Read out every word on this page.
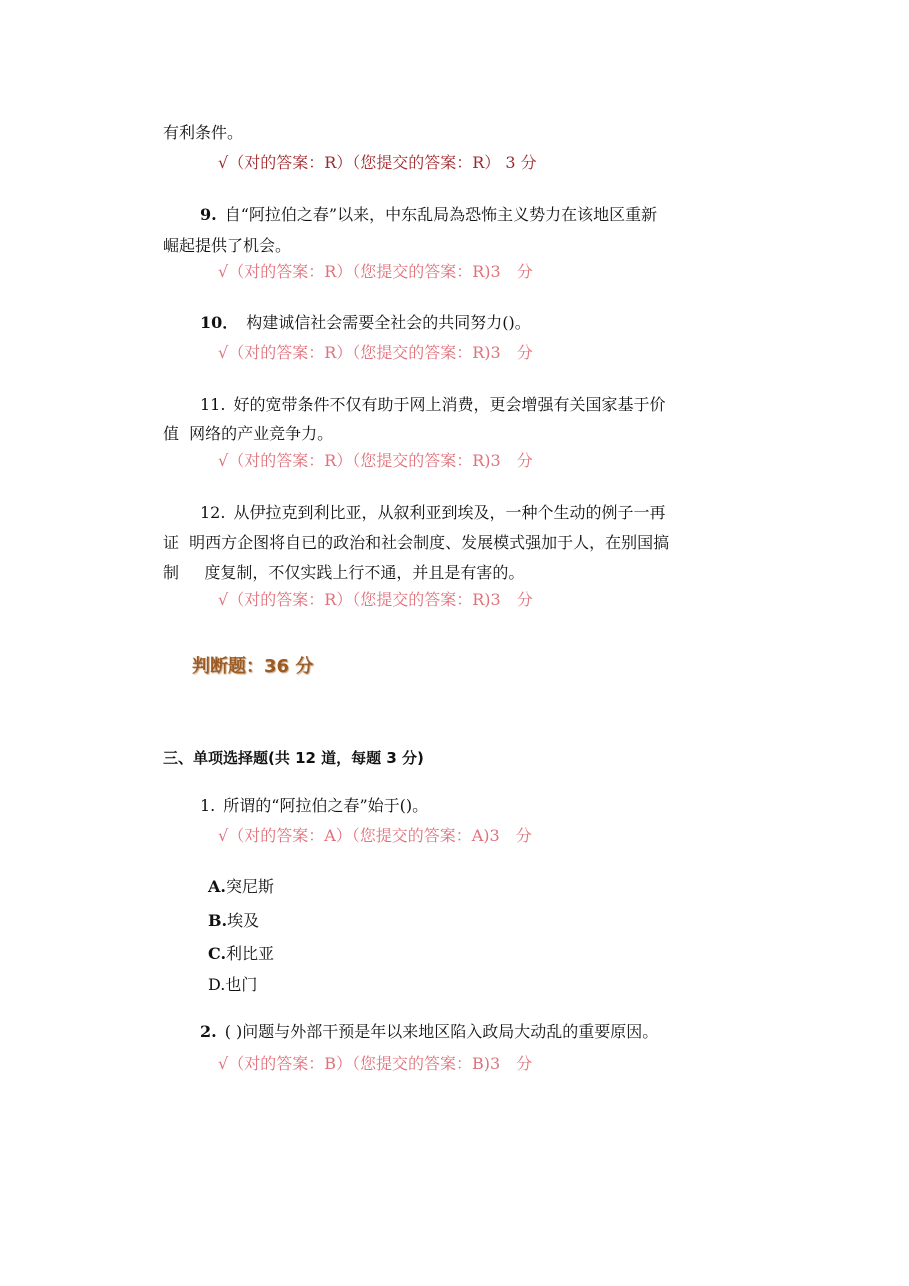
有利条件。
√（对的答案：R）（您提交的答案：R） 3 分
9. 自“阿拉伯之春”以来，中东乱局為恐怖主义势力在该地区重新
崛起提供了机会。
√（对的答案：R）（您提交的答案：R)3　分
10． 构建诚信社会需要全社会的共同努力()。
√（对的答案：R）（您提交的答案：R)3　分
11. 好的宽带条件不仅有助于网上消费，更会增强有关国家基于价
值  网络的产业竞争力。
√（对的答案：R）（您提交的答案：R)3　分
12. 从伊拉克到利比亚，从叙利亚到埃及，一种个生动的例子一再
证  明西方企图将自已的政治和社会制度、发展模式强加于人，在别国搞
制     度复制，不仅实践上行不通，并且是有害的。
√（对的答案：R）（您提交的答案：R)3　分
判断题：36 分
三、单项选择题(共 12 道，每题 3 分)
1. 所谓的“阿拉伯之春”始于()。
√（对的答案：A）（您提交的答案：A)3　分
A.突尼斯
B.埃及
C.利比亚
D.也门
2. ( )问题与外部干预是年以来地区陷入政局大动乱的重要原因。
√（对的答案：B）（您提交的答案：B)3　分
